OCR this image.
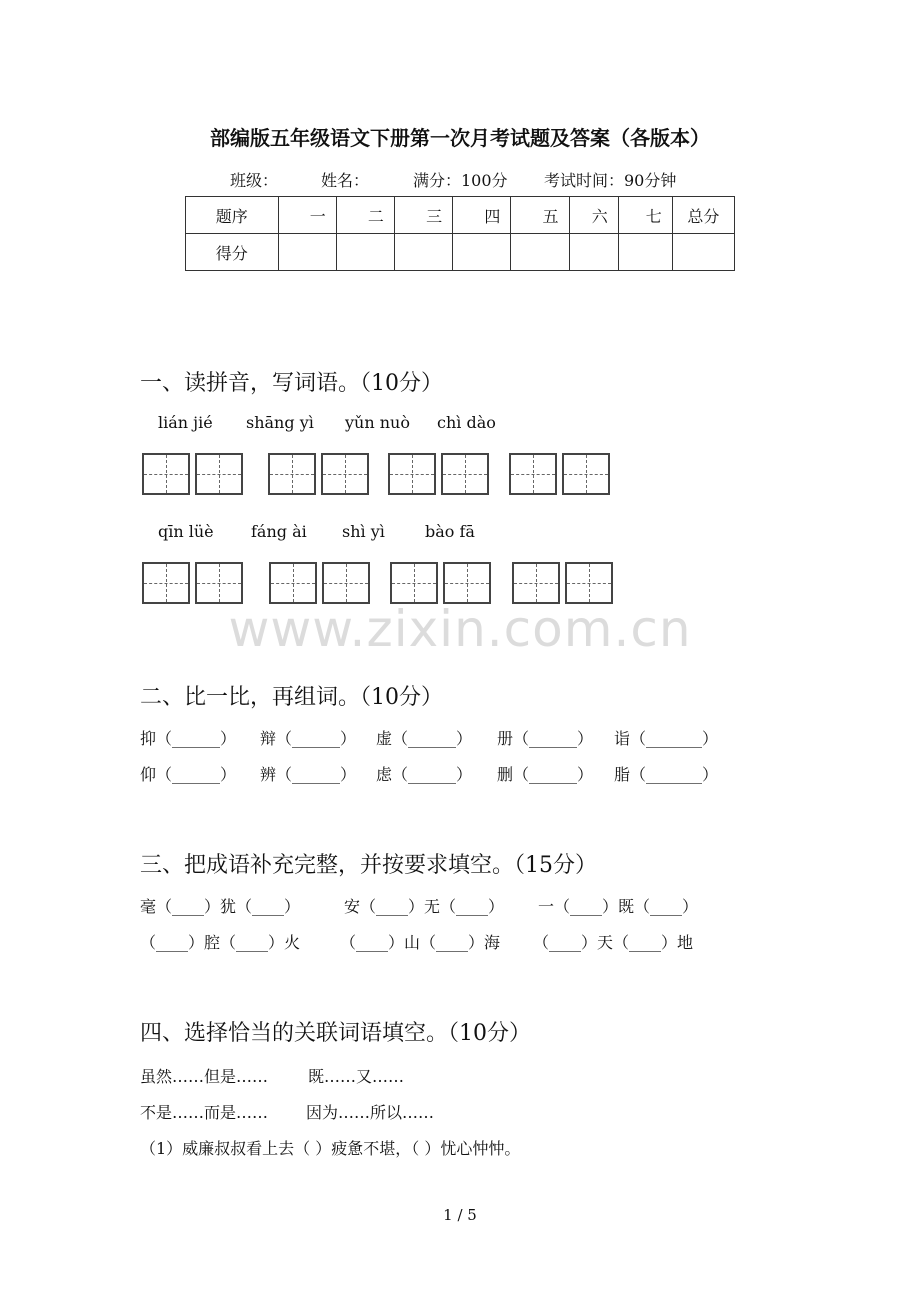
部编版五年级语文下册第一次月考试题及答案（各版本）
班级：	姓名：	满分：100分 考试时间：90分钟
题序	一	二	三	四	五	六	七	总分
得分								
一、读拼音，写词语。（10分）
lián jié shāng yì yǔn nuò chì dào
qīn lüè fáng ài shì yì	bào fā
www.zixin.com.cn
二、比一比，再组词。（10分）
抑（______） 辩（______） 虚（______） 册（______） 诣（_______）
仰（______） 辨（______） 虑（______） 删（______） 脂（_______）
三、把成语补充完整，并按要求填空。（15分）
毫（____）犹（____）	安（____）无（____） 一（____）既（____）
（____）腔（____）火 （____）山（____）海 （____）天（____）地
四、选择恰当的关联词语填空。（10分）
虽然……但是…… 既……又……
不是……而是…… 因为……所以……
（1）威廉叔叔看上去（ ）疲惫不堪，（ ）忧心忡忡。
1 / 5
